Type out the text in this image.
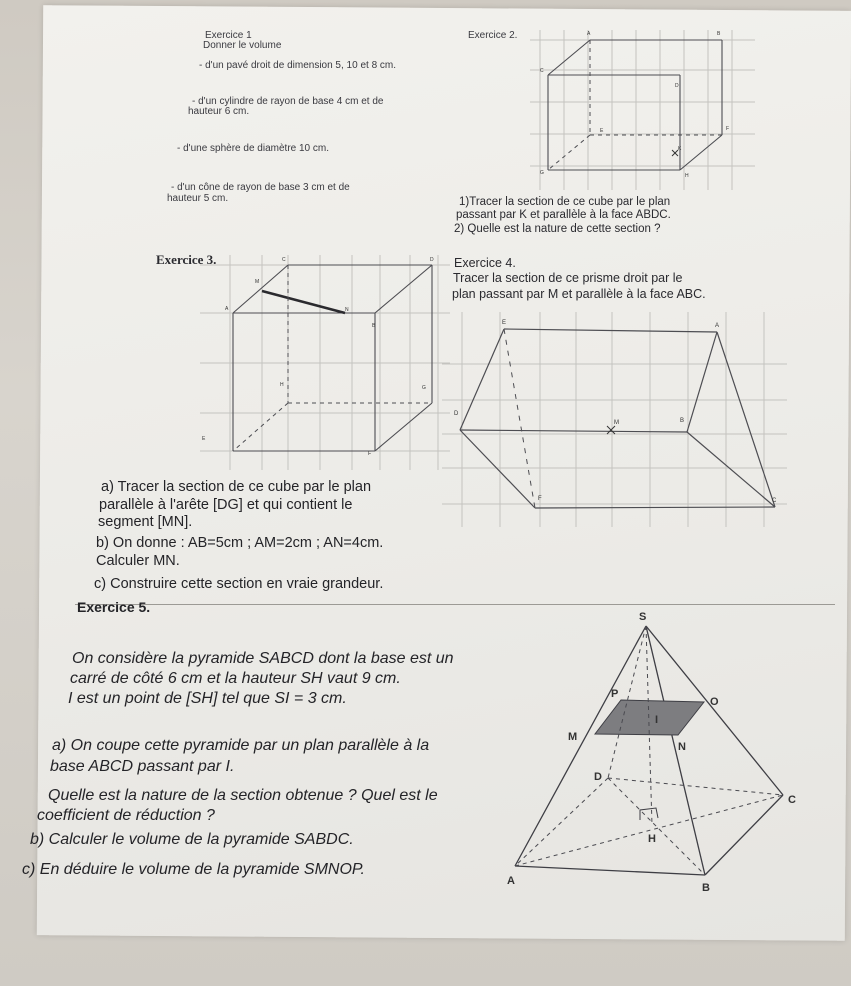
Exercice 1
Donner le volume
- d'un pavé droit de dimension 5, 10 et 8 cm.
- d'un cylindre de rayon de base 4 cm et de
hauteur 6 cm.
- d'une sphère de diamètre 10 cm.
- d'un cône de rayon de base 3 cm et de
hauteur 5 cm.
Exercice 2.	A	B
C
D
E	F
G	H
K
1)Tracer la section de ce cube par le plan
passant par K et parallèle à la face ABDC.
2) Quelle est la nature de cette section ?
Exercice 3.	C	D
M
A	N
B
H	G
E
F
a) Tracer la section de ce cube par le plan
parallèle à l'arête [DG] et qui contient le
segment [MN].
b) On donne : AB=5cm ; AM=2cm ; AN=4cm.
Calculer MN.
c) Construire cette section en vraie grandeur.
Exercice 4.
Tracer la section de ce prisme droit par le
plan passant par M et parallèle à la face ABC.
E	A
D
M	B
F	C
Exercice 5.
On considère la pyramide SABCD dont la base est un
carré de côté 6 cm et la hauteur SH vaut 9 cm.
I est un point de [SH] tel que SI = 3 cm.
a) On coupe cette pyramide par un plan parallèle à la
base ABCD passant par I.
Quelle est la nature de la section obtenue ? Quel est le
coefficient de réduction ?
b) Calculer le volume de la pyramide SABDC.
c) En déduire le volume de la pyramide SMNOP.
S
P
O
I
M
N
D
C
H
A
B
